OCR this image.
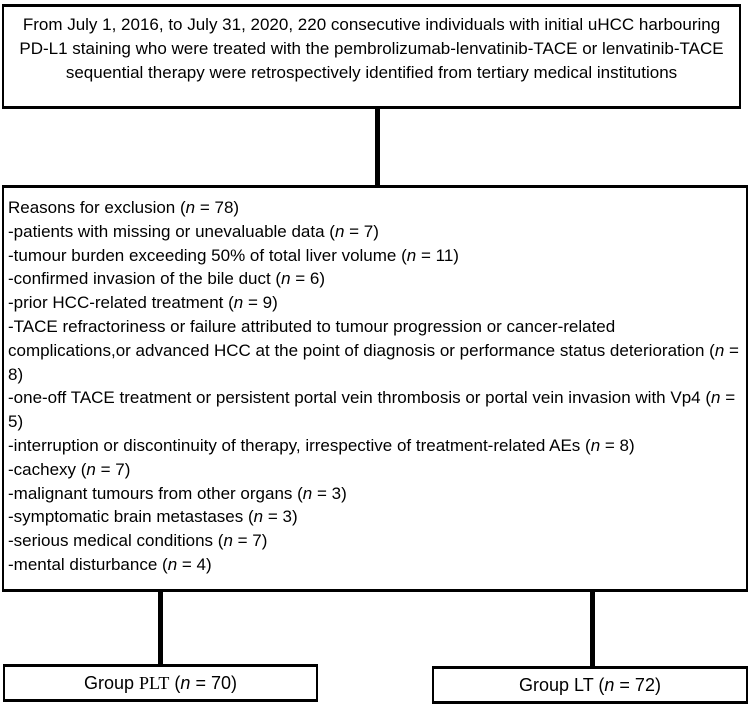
From July 1, 2016, to July 31, 2020, 220 consecutive individuals with initial uHCC harbouring PD-L1 staining who were treated with the pembrolizumab-lenvatinib-TACE or lenvatinib-TACE sequential therapy were retrospectively identified from tertiary medical institutions
Reasons for exclusion (n = 78)
-patients with missing or unevaluable data (n = 7)
-tumour burden exceeding 50% of total liver volume (n = 11)
-confirmed invasion of the bile duct (n = 6)
-prior HCC-related treatment (n = 9)
-TACE refractoriness or failure attributed to tumour progression or cancer-related complications,or advanced HCC at the point of diagnosis or performance status deterioration (n = 8)
-one-off TACE treatment or persistent portal vein thrombosis or portal vein invasion with Vp4 (n = 5)
-interruption or discontinuity of therapy, irrespective of treatment-related AEs (n = 8)
-cachexy (n = 7)
-malignant tumours from other organs (n = 3)
-symptomatic brain metastases (n = 3)
-serious medical conditions (n = 7)
-mental disturbance (n = 4)
Group PLT (n = 70)	Group LT (n = 72)
